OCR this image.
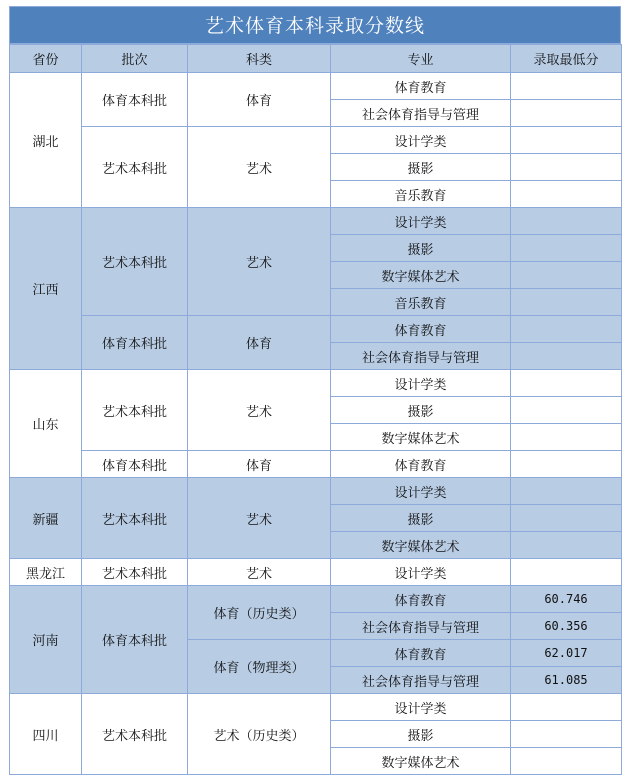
艺术体育本科录取分数线
省份	批次	科类	专业	录取最低分
湖北	体育本科批	体育	体育教育	
			社会体育指导与管理	
	艺术本科批	艺术	设计学类	
			摄影	
			音乐教育	
江西	艺术本科批	艺术	设计学类	
			摄影	
			数字媒体艺术	
			音乐教育	
	体育本科批	体育	体育教育	
			社会体育指导与管理	
山东	艺术本科批	艺术	设计学类	
			摄影	
			数字媒体艺术	
	体育本科批	体育	体育教育	
新疆	艺术本科批	艺术	设计学类	
			摄影	
			数字媒体艺术	
黑龙江	艺术本科批	艺术	设计学类	
河南	体育本科批	体育（历史类）	体育教育	60.746
			社会体育指导与管理	60.356
		体育（物理类）	体育教育	62.017
			社会体育指导与管理	61.085
四川	艺术本科批	艺术（历史类）	设计学类	
			摄影	
			数字媒体艺术	
